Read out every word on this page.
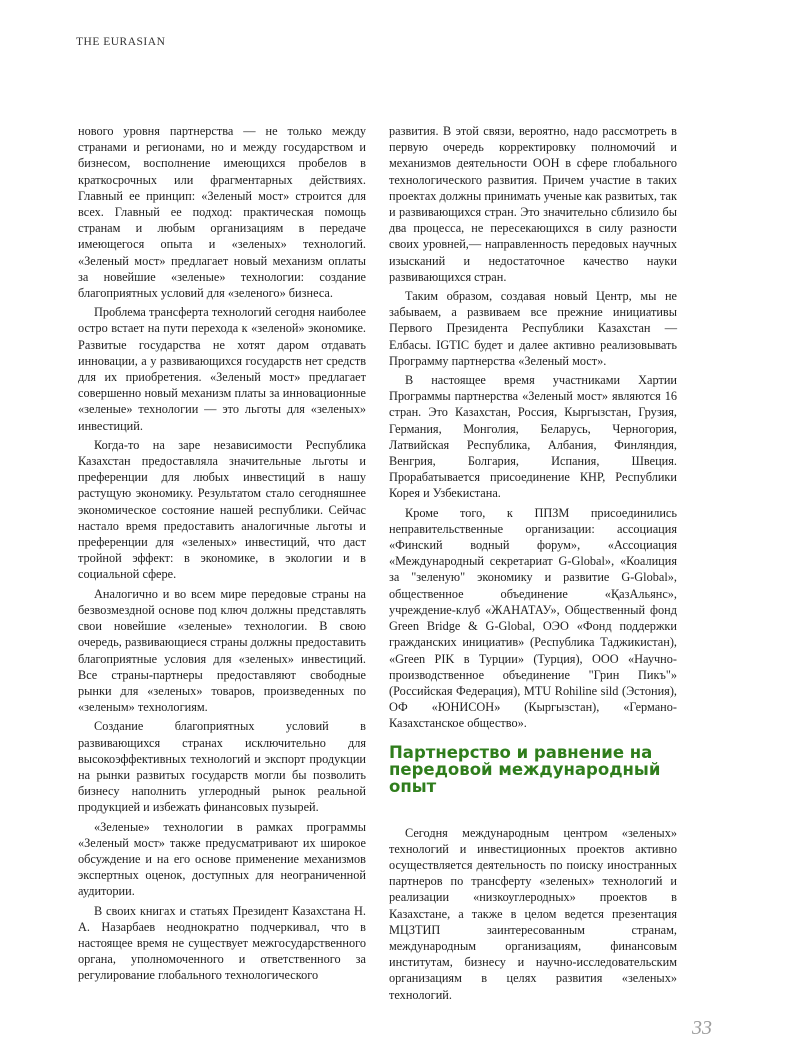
THE EURASIAN

нового уровня партнерства — не только между странами и регионами, но и между государством и бизнесом, восполнение имеющихся пробелов в краткосрочных или фрагментарных действиях. Главный ее принцип: «Зеленый мост» строится для всех. Главный ее подход: практическая помощь странам и любым организациям в передаче имеющегося опыта и «зеленых» технологий. «Зеленый мост» предлагает новый механизм оплаты за новейшие «зеленые» технологии: создание благоприятных условий для «зеленого» бизнеса.

Проблема трансферта технологий сегодня наиболее остро встает на пути перехода к «зеленой» экономике. Развитые государства не хотят даром отдавать инновации, а у развивающихся государств нет средств для их приобретения. «Зеленый мост» предлагает совершенно новый механизм платы за инновационные «зеленые» технологии — это льготы для «зеленых» инвестиций.

Когда-то на заре независимости Республика Казахстан предоставляла значительные льготы и преференции для любых инвестиций в нашу растущую экономику. Результатом стало сегодняшнее экономическое состояние нашей республики. Сейчас настало время предоставить аналогичные льготы и преференции для «зеленых» инвестиций, что даст тройной эффект: в экономике, в экологии и в социальной сфере.

Аналогично и во всем мире передовые страны на безвозмездной основе под ключ должны представлять свои новейшие «зеленые» технологии. В свою очередь, развивающиеся страны должны предоставить благоприятные условия для «зеленых» инвестиций. Все страны-партнеры предоставляют свободные рынки для «зеленых» товаров, произведенных по «зеленым» технологиям.

Создание благоприятных условий в развивающихся странах исключительно для высокоэффективных технологий и экспорт продукции на рынки развитых государств могли бы позволить бизнесу наполнить углеродный рынок реальной продукцией и избежать финансовых пузырей.

«Зеленые» технологии в рамках программы «Зеленый мост» также предусматривают их широкое обсуждение и на его основе применение механизмов экспертных оценок, доступных для неограниченной аудитории.

В своих книгах и статьях Президент Казахстана Н. А. Назарбаев неоднократно подчеркивал, что в настоящее время не существует межгосударственного органа, уполномоченного и ответственного за регулирование глобального технологического

развития. В этой связи, вероятно, надо рассмотреть в первую очередь корректировку полномочий и механизмов деятельности ООН в сфере глобального технологического развития. Причем участие в таких проектах должны принимать ученые как развитых, так и развивающихся стран. Это значительно сблизило бы два процесса, не пересекающихся в силу разности своих уровней,— направленность передовых научных изысканий и недостаточное качество науки развивающихся стран.

Таким образом, создавая новый Центр, мы не забываем, а развиваем все прежние инициативы Первого Президента Республики Казахстан — Елбасы. IGTIC будет и далее активно реализовывать Программу партнерства «Зеленый мост».

В настоящее время участниками Хартии Программы партнерства «Зеленый мост» являются 16 стран. Это Казахстан, Россия, Кыргызстан, Грузия, Германия, Монголия, Беларусь, Черногория, Латвийская Республика, Албания, Финляндия, Венгрия, Болгария, Испания, Швеция. Прорабатывается присоединение КНР, Республики Корея и Узбекистана.

Кроме того, к ППЗМ присоединились неправительственные организации: ассоциация «Финский водный форум», «Ассоциация «Международный секретариат G-Global», «Коалиция за "зеленую" экономику и развитие G-Global», общественное объединение «ҚазАльянс», учреждение-клуб «ЖАНАТАУ», Общественный фонд Green Bridge & G-Global, ОЭО «Фонд поддержки гражданских инициатив» (Республика Таджикистан), «Green PIK в Турции» (Турция), ООО «Научно-производственное объединение "Грин Пикъ"» (Российская Федерация), MTU Rohiline sild (Эстония), ОФ «ЮНИСОН» (Кыргызстан), «Германо-Казахстанское общество».

Партнерство и равнение на передовой международный опыт

Сегодня международным центром «зеленых» технологий и инвестиционных проектов активно осуществляется деятельность по поиску иностранных партнеров по трансферту «зеленых» технологий и реализации «низкоуглеродных» проектов в Казахстане, а также в целом ведется презентация МЦЗТИП заинтересованным странам, международным организациям, финансовым институтам, бизнесу и научно-исследовательским организациям в целях развития «зеленых» технологий.

33
